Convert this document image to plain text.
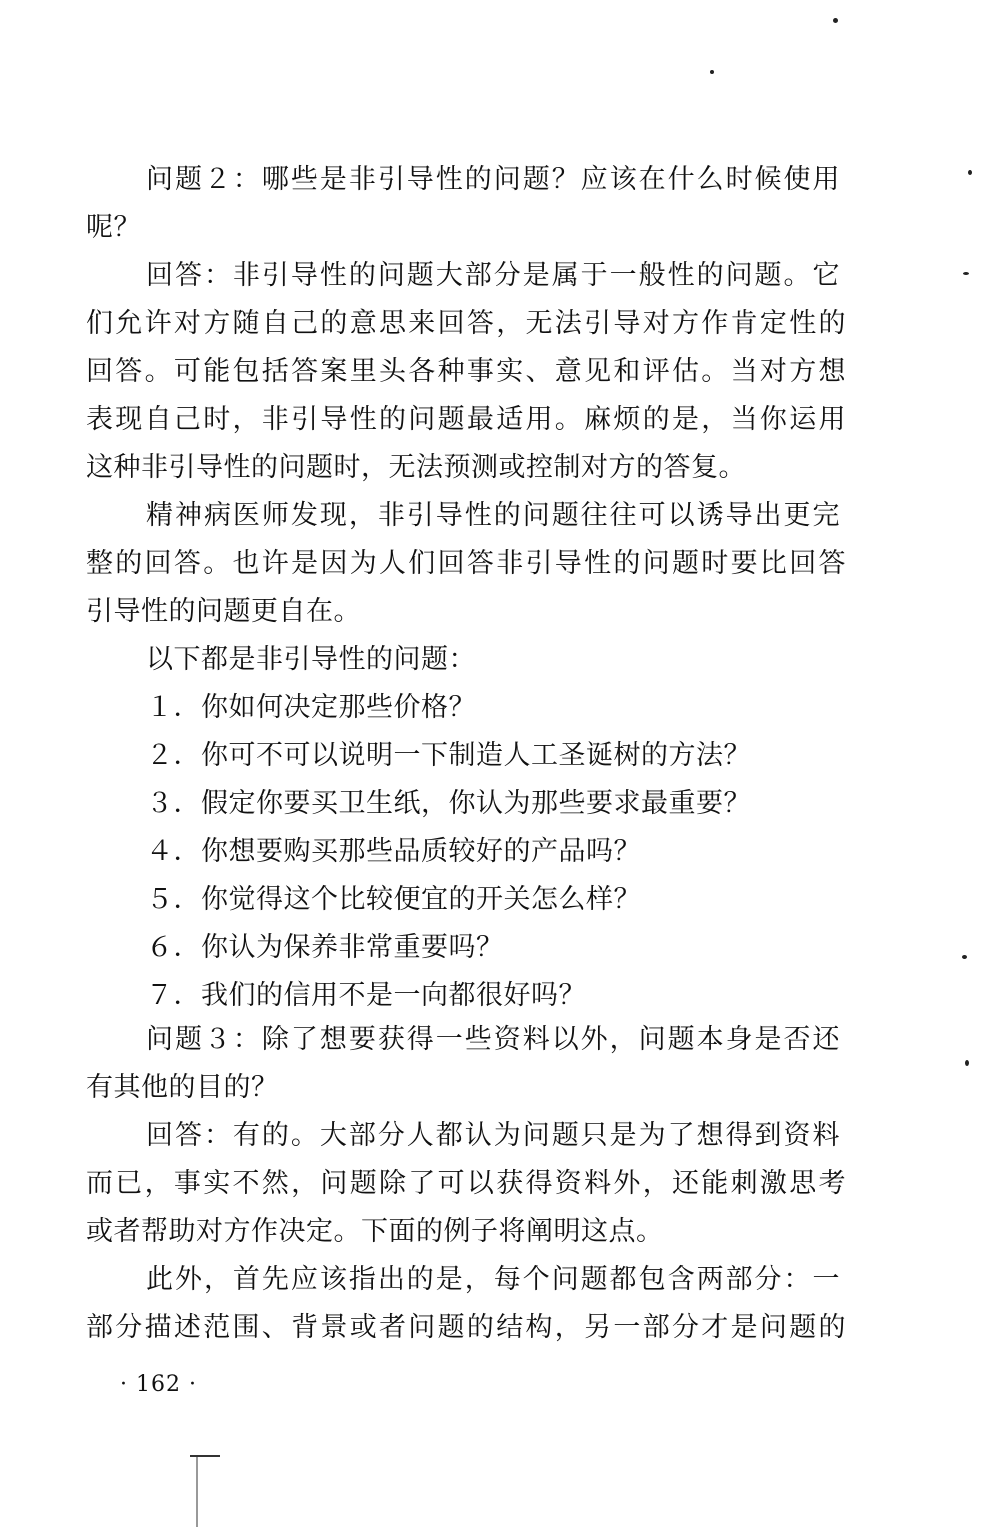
问题２：哪些是非引导性的问题？应该在什么时候使用
呢？
回答：非引导性的问题大部分是属于一般性的问题。它
们允许对方随自己的意思来回答，无法引导对方作肯定性的
回答。可能包括答案里头各种事实、意见和评估。当对方想
表现自己时，非引导性的问题最适用。麻烦的是，当你运用
这种非引导性的问题时，无法预测或控制对方的答复。
精神病医师发现，非引导性的问题往往可以诱导出更完
整的回答。也许是因为人们回答非引导性的问题时要比回答
引导性的问题更自在。
以下都是非引导性的问题：
１．你如何决定那些价格？
２．你可不可以说明一下制造人工圣诞树的方法？
３．假定你要买卫生纸，你认为那些要求最重要？
４．你想要购买那些品质较好的产品吗？
５．你觉得这个比较便宜的开关怎么样？
６．你认为保养非常重要吗？
７．我们的信用不是一向都很好吗？
问题３：除了想要获得一些资料以外，问题本身是否还
有其他的目的？
回答：有的。大部分人都认为问题只是为了想得到资料
而已，事实不然，问题除了可以获得资料外，还能刺激思考
或者帮助对方作决定。下面的例子将阐明这点。
此外，首先应该指出的是，每个问题都包含两部分：一
部分描述范围、背景或者问题的结构，另一部分才是问题的
· 162 ·
